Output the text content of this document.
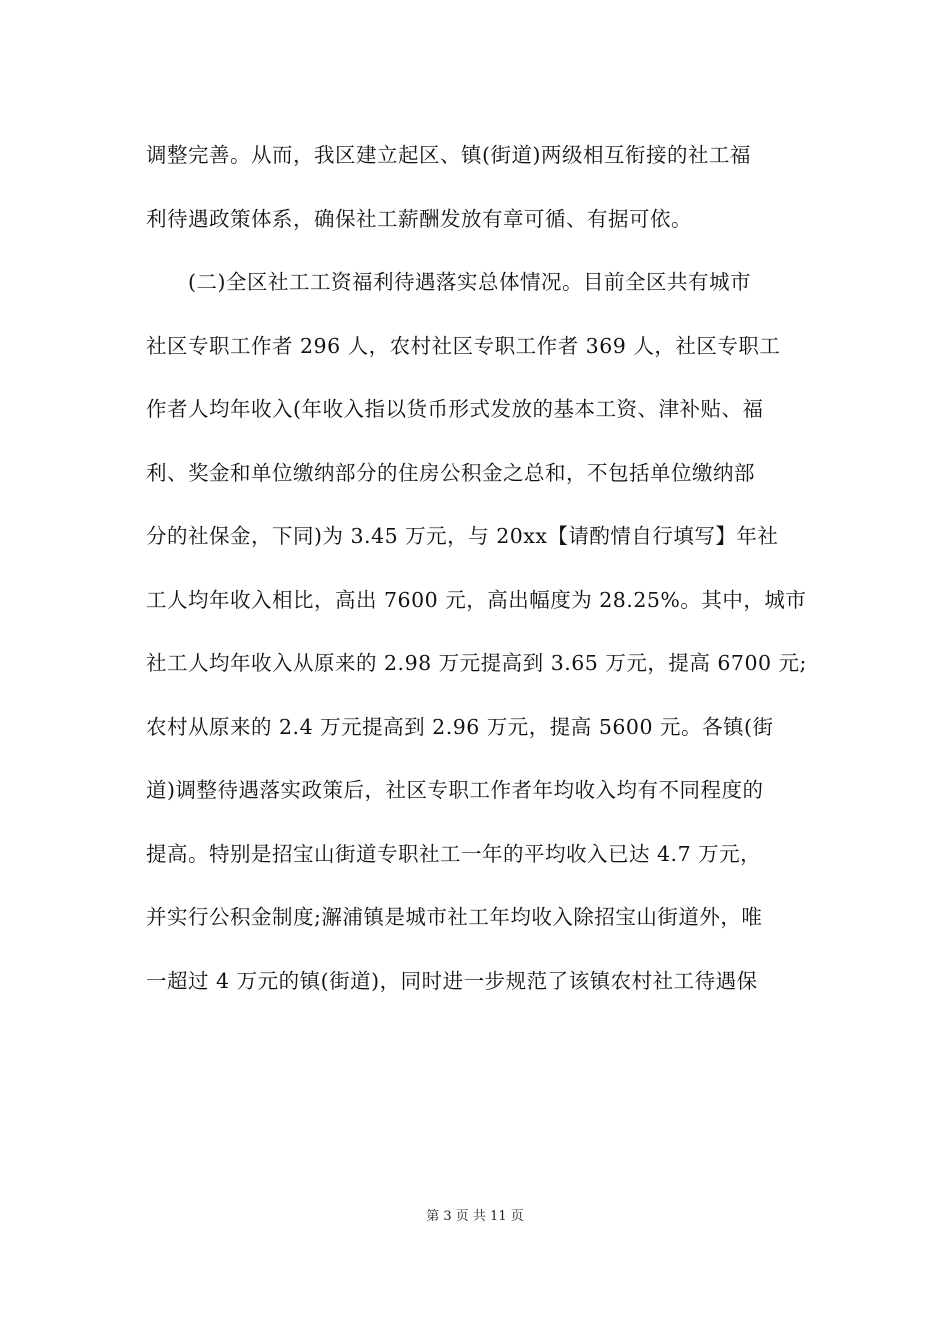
调整完善。从而，我区建立起区、镇(街道)两级相互衔接的社工福
利待遇政策体系，确保社工薪酬发放有章可循、有据可依。
　　(二)全区社工工资福利待遇落实总体情况。目前全区共有城市
社区专职工作者 296 人，农村社区专职工作者 369 人，社区专职工
作者人均年收入(年收入指以货币形式发放的基本工资、津补贴、福
利、奖金和单位缴纳部分的住房公积金之总和，不包括单位缴纳部
分的社保金，下同)为 3.45 万元，与 20xx【请酌情自行填写】年社
工人均年收入相比，高出 7600 元，高出幅度为 28.25%。其中，城市
社工人均年收入从原来的 2.98 万元提高到 3.65 万元，提高 6700 元;
农村从原来的 2.4 万元提高到 2.96 万元，提高 5600 元。各镇(街
道)调整待遇落实政策后，社区专职工作者年均收入均有不同程度的
提高。特别是招宝山街道专职社工一年的平均收入已达 4.7 万元，
并实行公积金制度;澥浦镇是城市社工年均收入除招宝山街道外，唯
一超过 4 万元的镇(街道)，同时进一步规范了该镇农村社工待遇保
第 3 页 共 11 页
